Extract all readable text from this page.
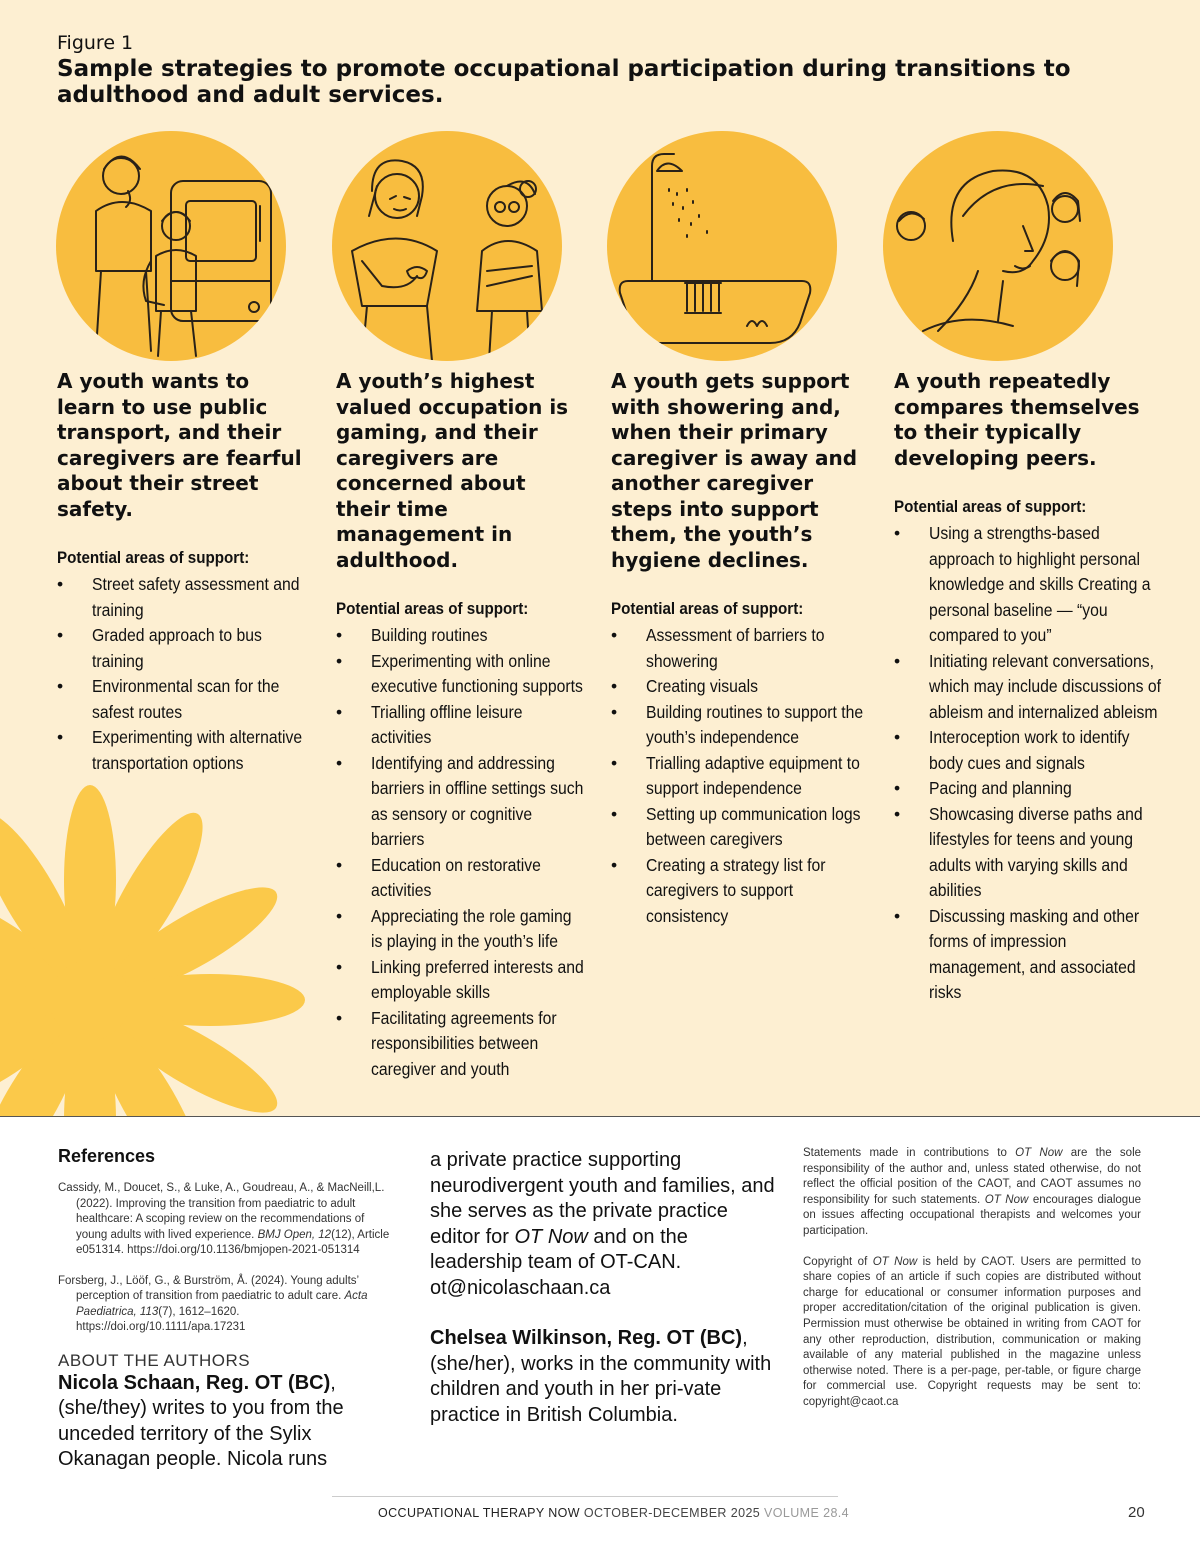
Figure 1
Sample strategies to promote occupational participation during transitions to adulthood and adult services.
A youth wants to learn to use public transport, and their caregivers are fearful about their street safety.
Potential areas of support:
• Street safety assessment and training
• Graded approach to bus training
• Environmental scan for the safest routes
• Experimenting with alternative transportation options
A youth’s highest valued occupation is gaming, and their caregivers are concerned about their time management in adulthood.
Potential areas of support:
• Building routines
• Experimenting with online executive functioning supports
• Trialling offline leisure activities
• Identifying and addressing barriers in offline settings such as sensory or cognitive barriers
• Education on restorative activities
• Appreciating the role gaming is playing in the youth’s life
• Linking preferred interests and employable skills
• Facilitating agreements for responsibilities between caregiver and youth
A youth gets support with showering and, when their primary caregiver is away and another caregiver steps into support them, the youth’s hygiene declines.
Potential areas of support:
• Assessment of barriers to showering
• Creating visuals
• Building routines to support the youth’s independence
• Trialling adaptive equipment to support independence
• Setting up communication logs between caregivers
• Creating a strategy list for caregivers to support consistency
A youth repeatedly compares themselves to their typically developing peers.
Potential areas of support:
• Using a strengths-based approach to highlight personal knowledge and skills Creating a personal baseline — “you compared to you”
• Initiating relevant conversations, which may include discussions of ableism and internalized ableism
• Interoception work to identify body cues and signals
• Pacing and planning
• Showcasing diverse paths and lifestyles for teens and young adults with varying skills and abilities
• Discussing masking and other forms of impression management, and associated risks
References

Cassidy, M., Doucet, S., & Luke, A., Goudreau, A., & MacNeill,L. (2022). Improving the transition from paediatric to adult healthcare: A scoping review on the recommendations of young adults with lived experience. BMJ Open, 12(12), Article e051314. https://doi.org/10.1136/bmjopen-2021-051314

Forsberg, J., Lööf, G., & Burström, Å. (2024). Young adults’ perception of transition from paediatric to adult care. Acta Paediatrica, 113(7), 1612–1620. https://doi.org/10.1111/apa.17231

ABOUT THE AUTHORS

Nicola Schaan, Reg. OT (BC), (she/they) writes to you from the unceded territory of the Sylix Okanagan people. Nicola runs

a private practice supporting neurodivergent youth and families, and she serves as the private practice editor for OT Now and on the leadership team of OT-CAN. ot@nicolaschaan.ca

Chelsea Wilkinson, Reg. OT (BC), (she/her), works in the community with children and youth in her pri-vate practice in British Columbia.

Statements made in contributions to OT Now are the sole responsibility of the author and, unless stated otherwise, do not reflect the official position of the CAOT, and CAOT assumes no responsibility for such statements. OT Now encourages dialogue on issues affecting occupational therapists and welcomes your participation.

Copyright of OT Now is held by CAOT. Users are permitted to share copies of an article if such copies are distributed without charge for educational or consumer information purposes and proper accreditation/citation of the original publication is given. Permission must otherwise be obtained in writing from CAOT for any other reproduction, distribution, communication or making available of any material published in the magazine unless otherwise noted. There is a per-page, per-table, or figure charge for commercial use. Copyright requests may be sent to: copyright@caot.ca

OCCUPATIONAL THERAPY NOW OCTOBER-DECEMBER 2025 VOLUME 28.4	20
